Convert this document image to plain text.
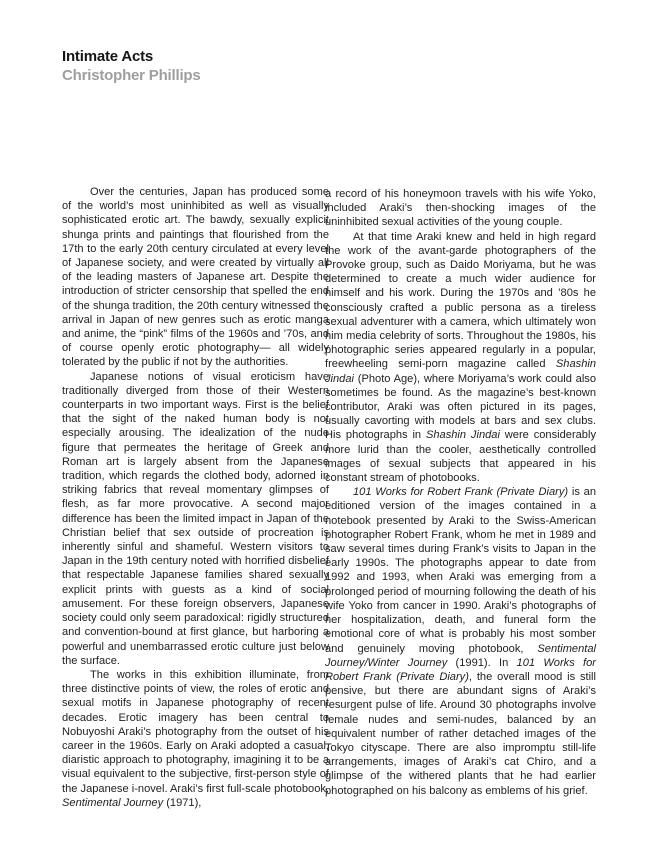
Intimate Acts
Christopher Phillips

Over the centuries, Japan has produced some of the world’s most uninhibited as well as visually sophisticated erotic art. The bawdy, sexually explicit shunga prints and paintings that flourished from the 17th to the early 20th century circulated at every level of Japanese society, and were created by virtually all of the leading masters of Japanese art. Despite the introduction of stricter censorship that spelled the end of the shunga tradition, the 20th century witnessed the arrival in Japan of new genres such as erotic manga and anime, the “pink” films of the 1960s and ’70s, and of course openly erotic photography— all widely tolerated by the public if not by the authorities.

Japanese notions of visual eroticism have traditionally diverged from those of their Western counterparts in two important ways. First is the belief that the sight of the naked human body is not especially arousing. The idealization of the nude figure that permeates the heritage of Greek and Roman art is largely absent from the Japanese tradition, which regards the clothed body, adorned in striking fabrics that reveal momentary glimpses of flesh, as far more provocative. A second major difference has been the limited impact in Japan of the Christian belief that sex outside of procreation is inherently sinful and shameful. Western visitors to Japan in the 19th century noted with horrified disbelief that respectable Japanese families shared sexually explicit prints with guests as a kind of social amusement. For these foreign observers, Japanese society could only seem paradoxical: rigidly structured and convention-bound at first glance, but harboring a powerful and unembarrassed erotic culture just below the surface.

The works in this exhibition illuminate, from three distinctive points of view, the roles of erotic and sexual motifs in Japanese photography of recent decades. Erotic imagery has been central to Nobuyoshi Araki’s photography from the outset of his career in the 1960s. Early on Araki adopted a casual, diaristic approach to photography, imagining it to be a visual equivalent to the subjective, first-person style of the Japanese i-novel. Araki’s first full-scale photobook, Sentimental Journey (1971),

a record of his honeymoon travels with his wife Yoko, included Araki’s then-shocking images of the uninhibited sexual activities of the young couple.

At that time Araki knew and held in high regard the work of the avant-garde photographers of the Provoke group, such as Daido Moriyama, but he was determined to create a much wider audience for himself and his work. During the 1970s and ’80s he consciously crafted a public persona as a tireless sexual adventurer with a camera, which ultimately won him media celebrity of sorts. Throughout the 1980s, his photographic series appeared regularly in a popular, freewheeling semi-porn magazine called Shashin Jindai (Photo Age), where Moriyama’s work could also sometimes be found. As the magazine’s best-known contributor, Araki was often pictured in its pages, usually cavorting with models at bars and sex clubs. His photographs in Shashin Jindai were considerably more lurid than the cooler, aesthetically controlled images of sexual subjects that appeared in his constant stream of photobooks.

101 Works for Robert Frank (Private Diary) is an editioned version of the images contained in a notebook presented by Araki to the Swiss-American photographer Robert Frank, whom he met in 1989 and saw several times during Frank’s visits to Japan in the early 1990s. The photographs appear to date from 1992 and 1993, when Araki was emerging from a prolonged period of mourning following the death of his wife Yoko from cancer in 1990. Araki’s photographs of her hospitalization, death, and funeral form the emotional core of what is probably his most somber and genuinely moving photobook, Sentimental Journey/Winter Journey (1991). In 101 Works for Robert Frank (Private Diary), the overall mood is still pensive, but there are abundant signs of Araki’s resurgent pulse of life. Around 30 photographs involve female nudes and semi-nudes, balanced by an equivalent number of rather detached images of the Tokyo cityscape. There are also impromptu still-life arrangements, images of Araki’s cat Chiro, and a glimpse of the withered plants that he had earlier photographed on his balcony as emblems of his grief.
